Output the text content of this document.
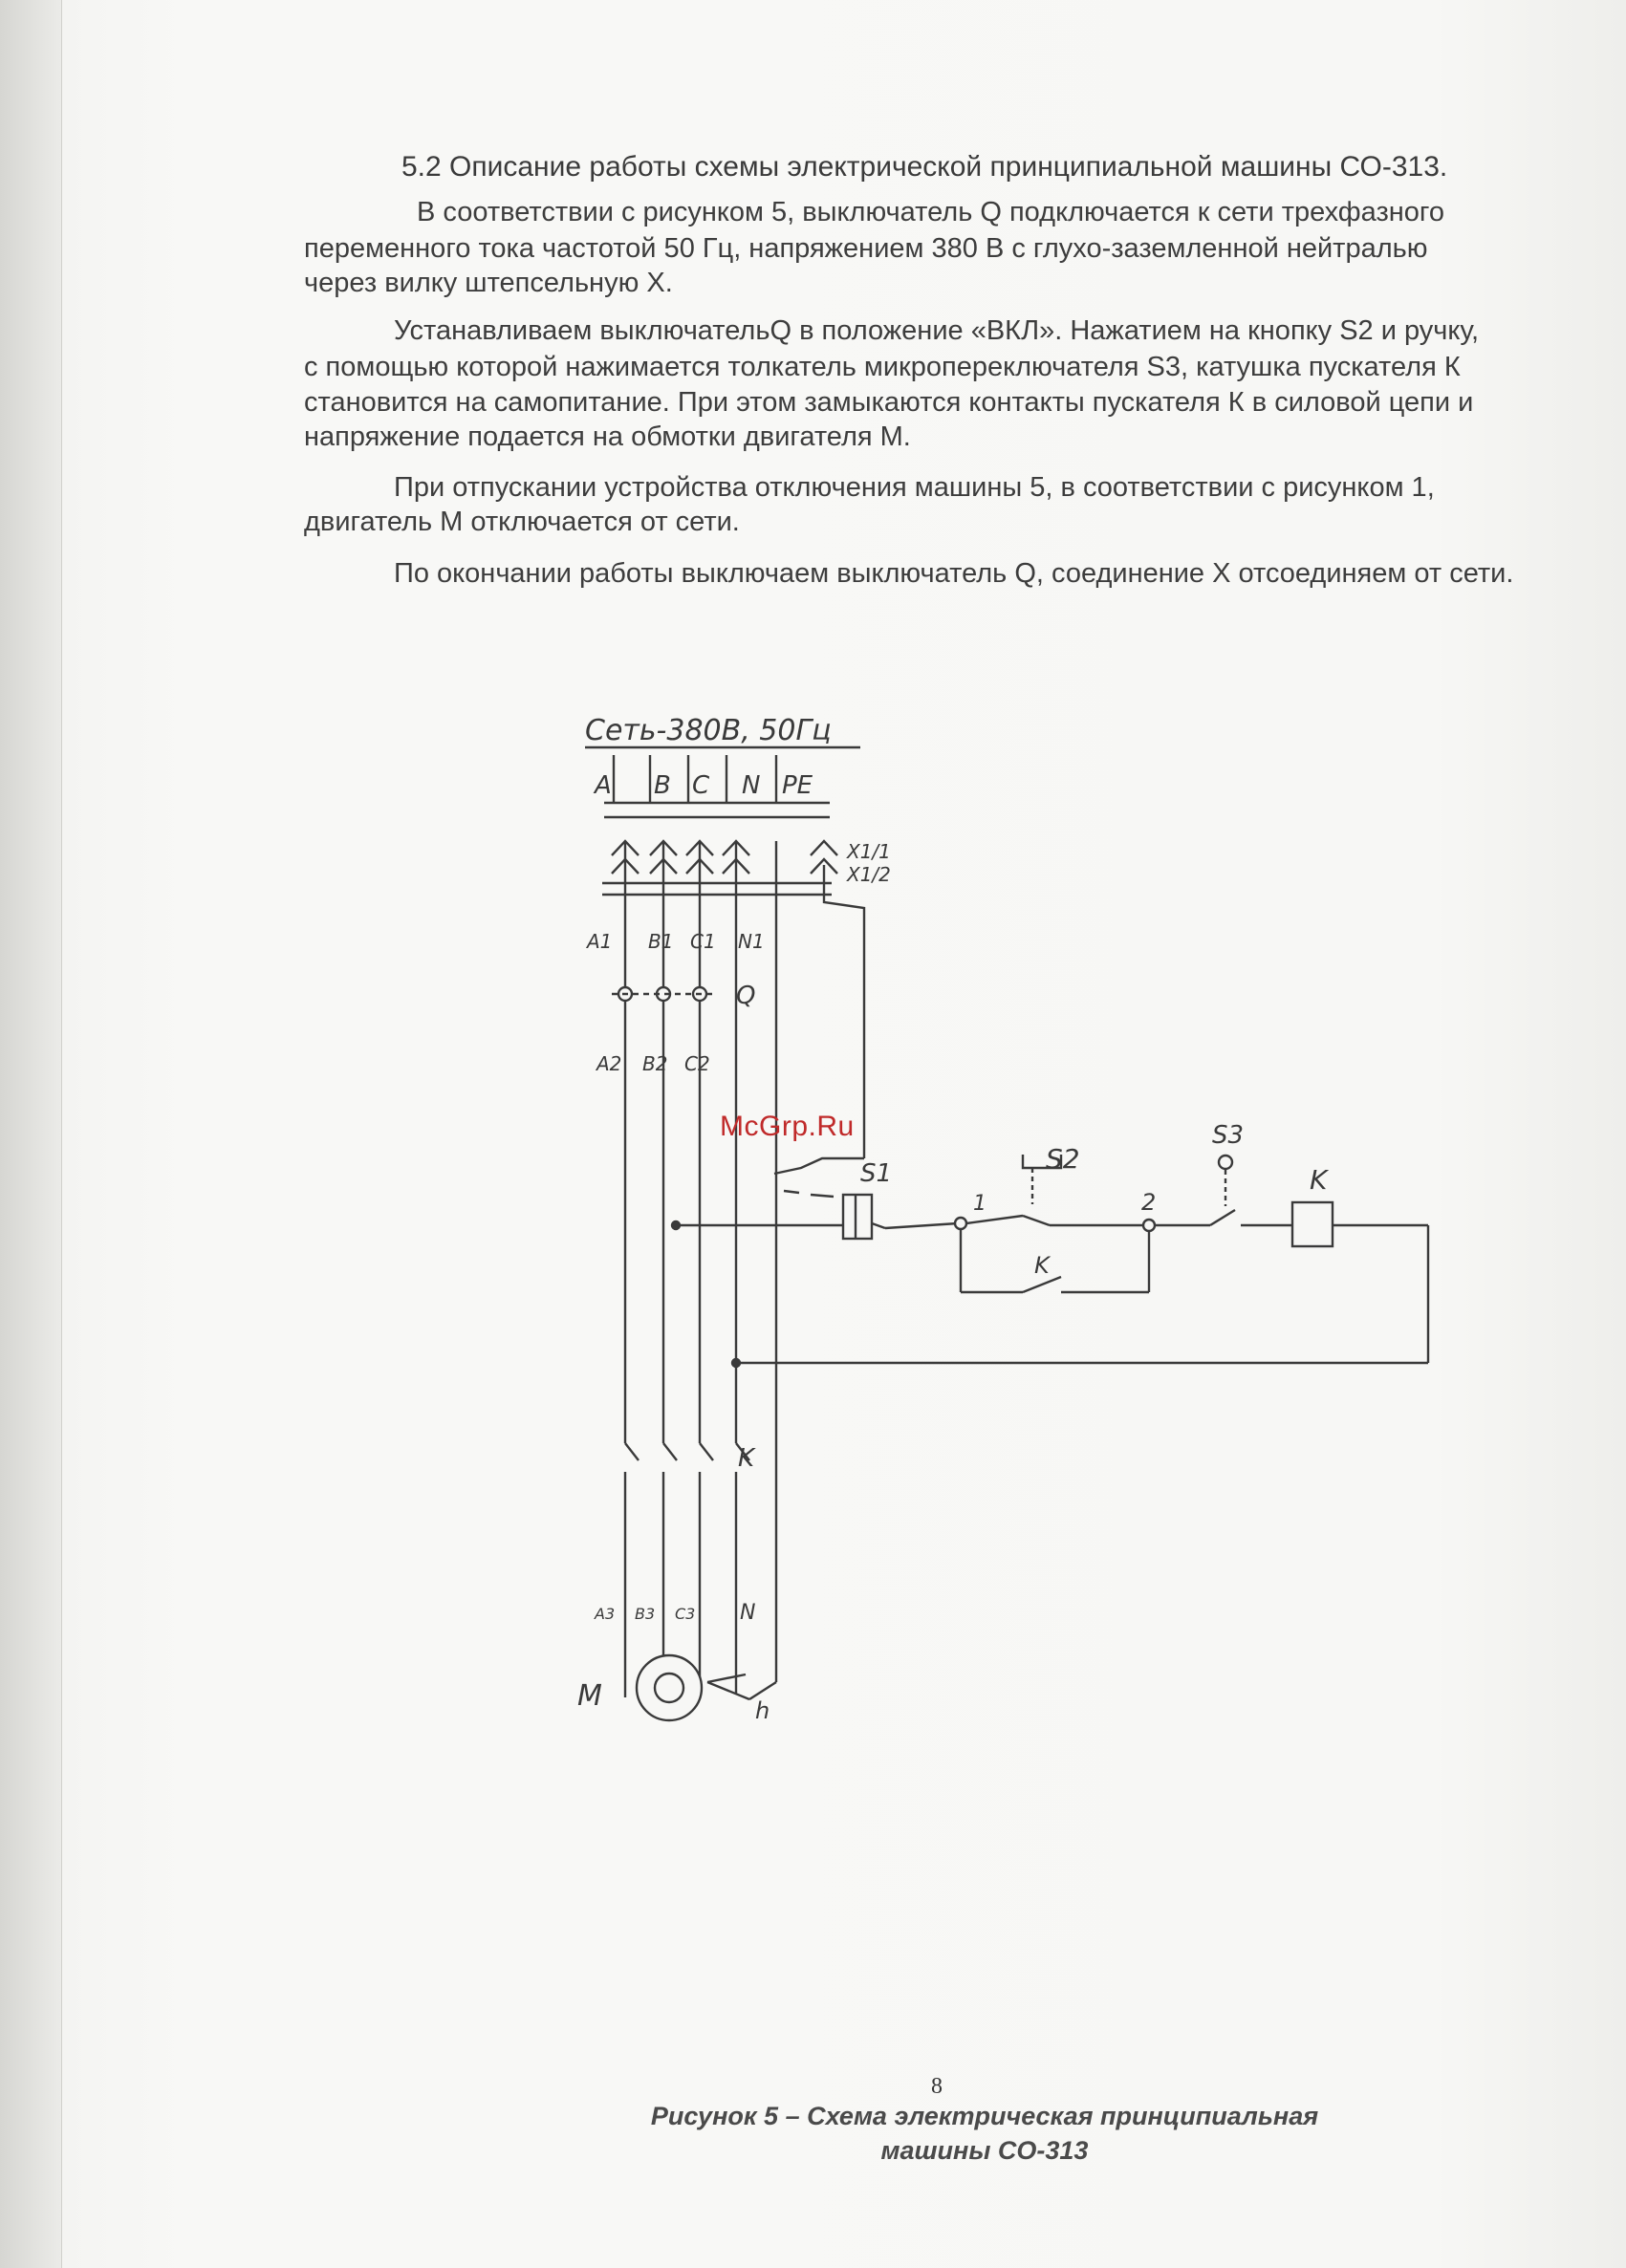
5.2 Описание работы схемы электрической принципиальной машины СО-313.
В соответствии с рисунком 5, выключатель Q подключается к сети трехфазного
переменного тока частотой 50 Гц, напряжением 380 В с глухо-заземленной нейтралью
через вилку штепсельную X.
Устанавливаем выключательQ в положение «ВКЛ». Нажатием на кнопку S2 и ручку,
с помощью которой нажимается толкатель микропереключателя S3, катушка пускателя К
становится на самопитание. При этом замыкаются контакты пускателя К в силовой цепи и
напряжение подается на обмотки двигателя М.
При отпускании устройства отключения машины 5, в соответствии с рисунком 1,
двигатель М отключается от сети.
По окончании работы выключаем выключатель Q, соединение X отсоединяем от сети.
Сеть-380В, 50Гц
A B C N PE
X1/1
X1/2
A1 B1 C1 N1
Q
A2 B2 C2
S1	S2
S3
K
K
1	2
K
A3 B3 C3 N
M	h
McGrp.Ru
Рисунок 5 – Схема электрическая принципиальная
машины СО-313
8
